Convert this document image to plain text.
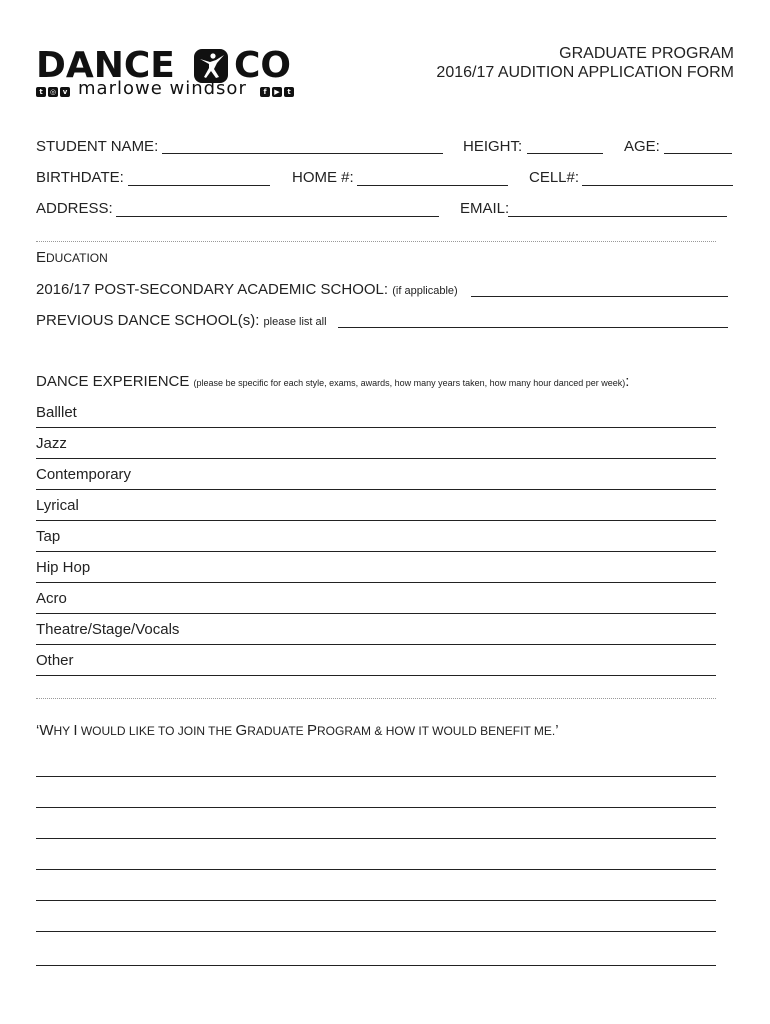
DANCE CO
t ◎ v marlowe windsor	f ▶ t
GRADUATE PROGRAM
2016/17 AUDITION APPLICATION FORM
STUDENT NAME:	HEIGHT:	AGE:
BIRTHDATE:	HOME #:	CELL#:
ADDRESS:	EMAIL:
EDUCATION
2016/17 POST-SECONDARY ACADEMIC SCHOOL: (if applicable)
PREVIOUS DANCE SCHOOL(s): please list all
DANCE EXPERIENCE (please be specific for each style, exams, awards, how many years taken, how many hour danced per week):
Balllet
Jazz
Contemporary
Lyrical
Tap
Hip Hop
Acro
Theatre/Stage/Vocals
Other
‘WHY I WOULD LIKE TO JOIN THE GRADUATE PROGRAM & HOW IT WOULD BENEFIT ME.’
